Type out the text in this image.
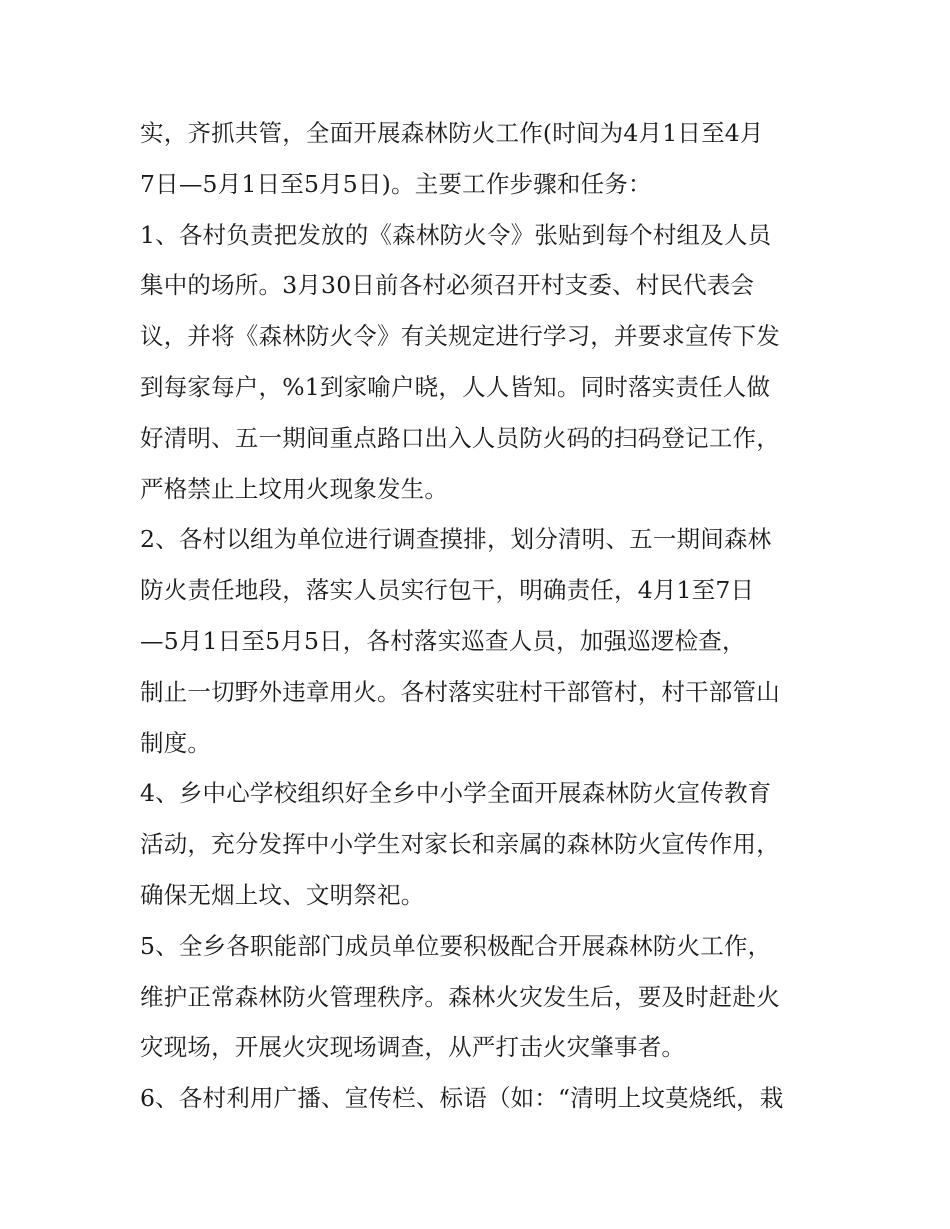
实，齐抓共管，全面开展森林防火工作(时间为4月1日至4月
7日—5月1日至5月5日)。主要工作步骤和任务：
1、各村负责把发放的《森林防火令》张贴到每个村组及人员
集中的场所。3月30日前各村必须召开村支委、村民代表会
议，并将《森林防火令》有关规定进行学习，并要求宣传下发
到每家每户，%1到家喻户晓，人人皆知。同时落实责任人做
好清明、五一期间重点路口出入人员防火码的扫码登记工作，
严格禁止上坟用火现象发生。
2、各村以组为单位进行调查摸排，划分清明、五一期间森林
防火责任地段，落实人员实行包干，明确责任，4月1至7日
—5月1日至5月5日，各村落实巡查人员，加强巡逻检查，
制止一切野外违章用火。各村落实驻村干部管村，村干部管山
制度。
4、乡中心学校组织好全乡中小学全面开展森林防火宣传教育
活动，充分发挥中小学生对家长和亲属的森林防火宣传作用，
确保无烟上坟、文明祭祀。
5、全乡各职能部门成员单位要积极配合开展森林防火工作，
维护正常森林防火管理秩序。森林火灾发生后，要及时赶赴火
灾现场，开展火灾现场调查，从严打击火灾肇事者。
6、各村利用广播、宣传栏、标语（如：“清明上坟莫烧纸，栽
